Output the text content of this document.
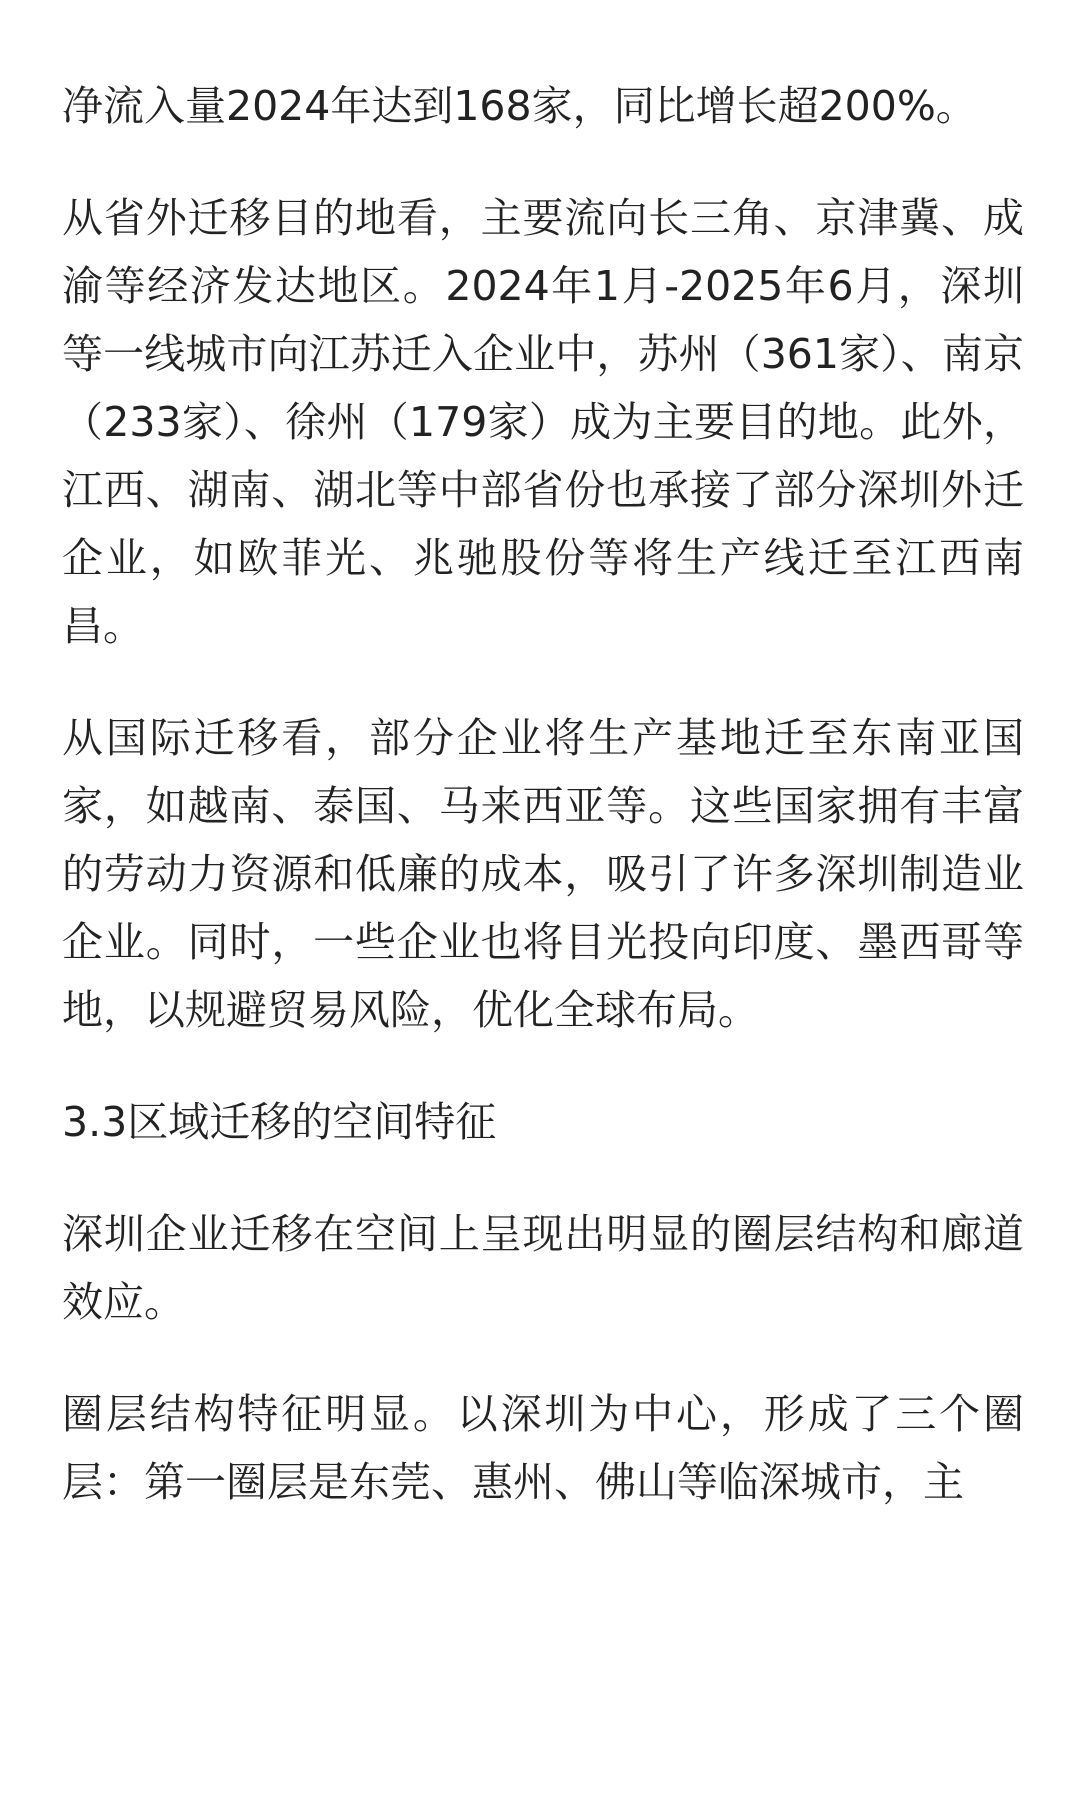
净流入量2024年达到168家，同比增长超200%。

从省外迁移目的地看，主要流向长三角、京津冀、成渝等经济发达地区。2024年1月-2025年6月，深圳等一线城市向江苏迁入企业中，苏州（361家）、南京（233家）、徐州（179家）成为主要目的地。此外，江西、湖南、湖北等中部省份也承接了部分深圳外迁企业，如欧菲光、兆驰股份等将生产线迁至江西南昌。

从国际迁移看，部分企业将生产基地迁至东南亚国家，如越南、泰国、马来西亚等。这些国家拥有丰富的劳动力资源和低廉的成本，吸引了许多深圳制造业企业。同时，一些企业也将目光投向印度、墨西哥等地，以规避贸易风险，优化全球布局。

3.3区域迁移的空间特征

深圳企业迁移在空间上呈现出明显的圈层结构和廊道效应。

圈层结构特征明显。以深圳为中心，形成了三个圈层：第一圈层是东莞、惠州、佛山等临深城市，主
